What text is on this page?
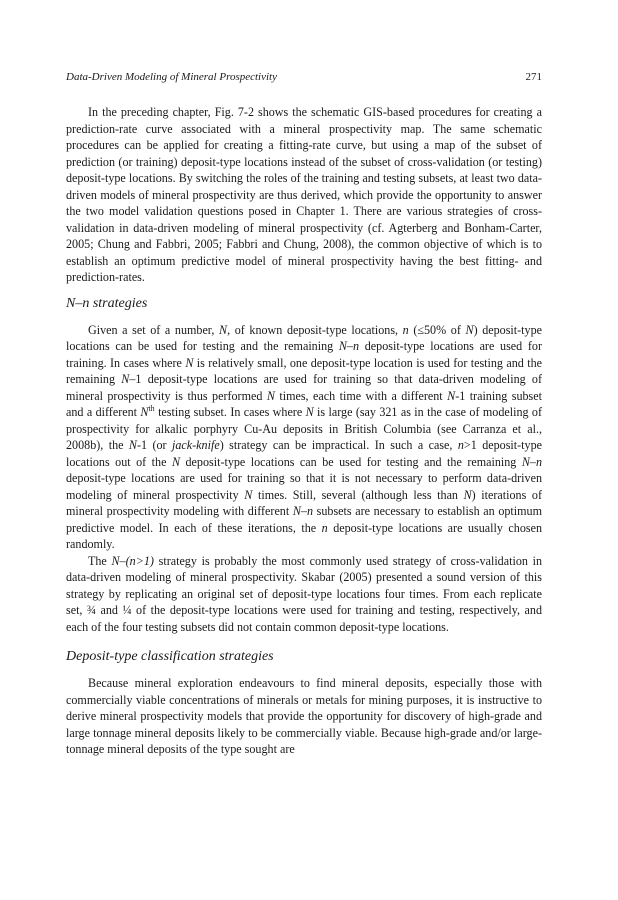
Data-Driven Modeling of Mineral Prospectivity	271

In the preceding chapter, Fig. 7-2 shows the schematic GIS-based procedures for creating a prediction-rate curve associated with a mineral prospectivity map. The same schematic procedures can be applied for creating a fitting-rate curve, but using a map of the subset of prediction (or training) deposit-type locations instead of the subset of cross-validation (or testing) deposit-type locations. By switching the roles of the training and testing subsets, at least two data-driven models of mineral prospectivity are thus derived, which provide the opportunity to answer the two model validation questions posed in Chapter 1. There are various strategies of cross-validation in data-driven modeling of mineral prospectivity (cf. Agterberg and Bonham-Carter, 2005; Chung and Fabbri, 2005; Fabbri and Chung, 2008), the common objective of which is to establish an optimum predictive model of mineral prospectivity having the best fitting- and prediction-rates.

N–n strategies

Given a set of a number, N, of known deposit-type locations, n (≤50% of N) deposit-type locations can be used for testing and the remaining N–n deposit-type locations are used for training. In cases where N is relatively small, one deposit-type location is used for testing and the remaining N–1 deposit-type locations are used for training so that data-driven modeling of mineral prospectivity is thus performed N times, each time with a different N-1 training subset and a different $N^{th}$ testing subset. In cases where N is large (say 321 as in the case of modeling of prospectivity for alkalic porphyry Cu-Au deposits in British Columbia (see Carranza et al., 2008b), the N-1 (or jack-knife) strategy can be impractical. In such a case, n>1 deposit-type locations out of the N deposit-type locations can be used for testing and the remaining N–n deposit-type locations are used for training so that it is not necessary to perform data-driven modeling of mineral prospectivity N times. Still, several (although less than N) iterations of mineral prospectivity modeling with different N–n subsets are necessary to establish an optimum predictive model. In each of these iterations, the n deposit-type locations are usually chosen randomly.

The N–(n>1) strategy is probably the most commonly used strategy of cross-validation in data-driven modeling of mineral prospectivity. Skabar (2005) presented a sound version of this strategy by replicating an original set of deposit-type locations four times. From each replicate set, ¾ and ¼ of the deposit-type locations were used for training and testing, respectively, and each of the four testing subsets did not contain common deposit-type locations.

Deposit-type classification strategies

Because mineral exploration endeavours to find mineral deposits, especially those with commercially viable concentrations of minerals or metals for mining purposes, it is instructive to derive mineral prospectivity models that provide the opportunity for discovery of high-grade and large tonnage mineral deposits likely to be commercially viable. Because high-grade and/or large-tonnage mineral deposits of the type sought are
